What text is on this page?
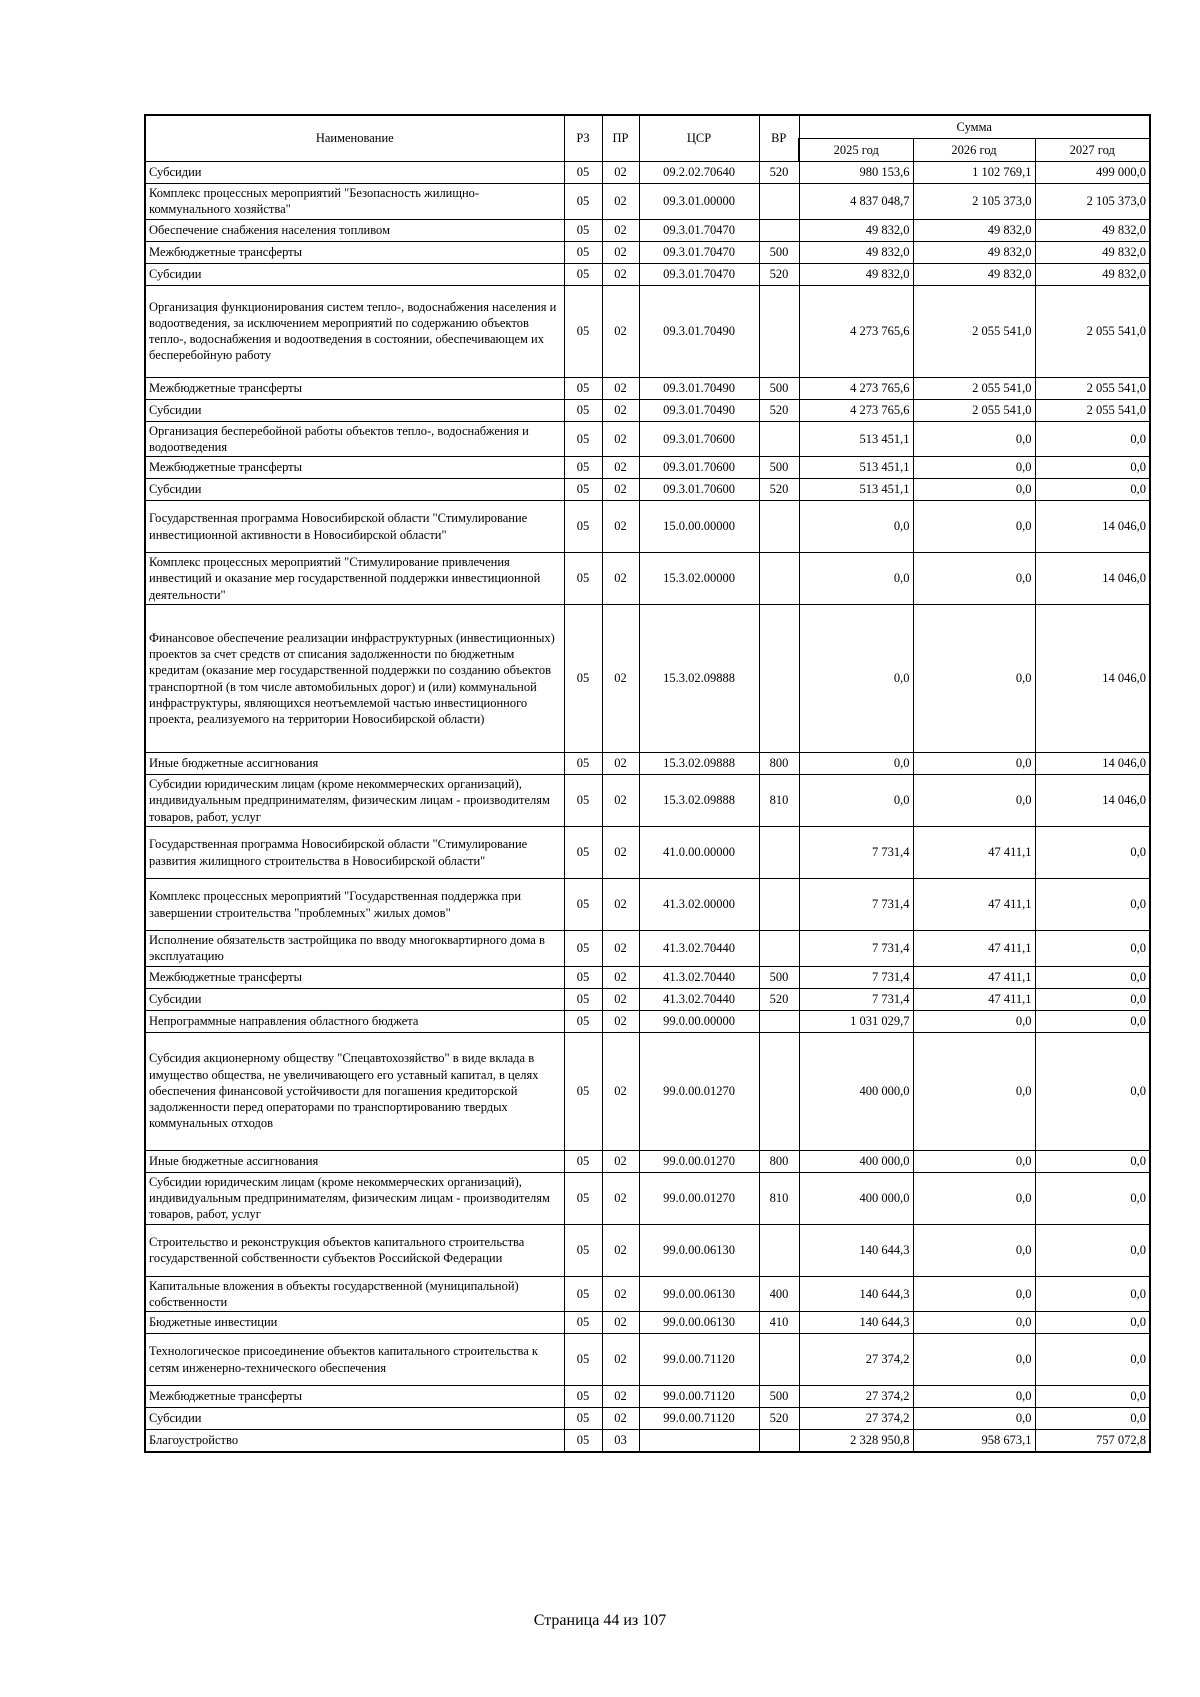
Наименование	РЗ	ПР	ЦСР	ВР	Сумма		
					2025 год	2026 год	2027 год
Субсидии	05	02	09.2.02.70640	520	980 153,6	1 102 769,1	499 000,0
Комплекс процессных мероприятий "Безопасность жилищно-коммунального хозяйства"	05	02	09.3.01.00000		4 837 048,7	2 105 373,0	2 105 373,0
Обеспечение снабжения населения топливом	05	02	09.3.01.70470		49 832,0	49 832,0	49 832,0
Межбюджетные трансферты	05	02	09.3.01.70470	500	49 832,0	49 832,0	49 832,0
Субсидии	05	02	09.3.01.70470	520	49 832,0	49 832,0	49 832,0
Организация функционирования систем тепло-, водоснабжения населения и водоотведения, за исключением мероприятий по содержанию объектов тепло-, водоснабжения и водоотведения в состоянии, обеспечивающем их бесперебойную работу	05	02	09.3.01.70490		4 273 765,6	2 055 541,0	2 055 541,0
Межбюджетные трансферты	05	02	09.3.01.70490	500	4 273 765,6	2 055 541,0	2 055 541,0
Субсидии	05	02	09.3.01.70490	520	4 273 765,6	2 055 541,0	2 055 541,0
Организация бесперебойной работы объектов тепло-, водоснабжения и водоотведения	05	02	09.3.01.70600		513 451,1	0,0	0,0
Межбюджетные трансферты	05	02	09.3.01.70600	500	513 451,1	0,0	0,0
Субсидии	05	02	09.3.01.70600	520	513 451,1	0,0	0,0
Государственная программа Новосибирской области "Стимулирование инвестиционной активности в Новосибирской области"	05	02	15.0.00.00000		0,0	0,0	14 046,0
Комплекс процессных мероприятий "Стимулирование привлечения инвестиций и оказание мер государственной поддержки инвестиционной деятельности"	05	02	15.3.02.00000		0,0	0,0	14 046,0
Финансовое обеспечение реализации инфраструктурных (инвестиционных) проектов за счет средств от списания задолженности по бюджетным кредитам (оказание мер государственной поддержки по созданию объектов транспортной (в том числе автомобильных дорог) и (или) коммунальной инфраструктуры, являющихся неотъемлемой частью инвестиционного проекта, реализуемого на территории Новосибирской области)	05	02	15.3.02.09888		0,0	0,0	14 046,0
Иные бюджетные ассигнования	05	02	15.3.02.09888	800	0,0	0,0	14 046,0
Субсидии юридическим лицам (кроме некоммерческих организаций), индивидуальным предпринимателям, физическим лицам - производителям товаров, работ, услуг	05	02	15.3.02.09888	810	0,0	0,0	14 046,0
Государственная программа Новосибирской области "Стимулирование развития жилищного строительства в Новосибирской области"	05	02	41.0.00.00000		7 731,4	47 411,1	0,0
Комплекс процессных мероприятий "Государственная поддержка при завершении строительства "проблемных" жилых домов"	05	02	41.3.02.00000		7 731,4	47 411,1	0,0
Исполнение обязательств застройщика по вводу многоквартирного дома в эксплуатацию	05	02	41.3.02.70440		7 731,4	47 411,1	0,0
Межбюджетные трансферты	05	02	41.3.02.70440	500	7 731,4	47 411,1	0,0
Субсидии	05	02	41.3.02.70440	520	7 731,4	47 411,1	0,0
Непрограммные направления областного бюджета	05	02	99.0.00.00000		1 031 029,7	0,0	0,0
Субсидия акционерному обществу "Спецавтохозяйство" в виде вклада в имущество общества, не увеличивающего его уставный капитал, в целях обеспечения финансовой устойчивости для погашения кредиторской задолженности перед операторами по транспортированию твердых коммунальных отходов	05	02	99.0.00.01270		400 000,0	0,0	0,0
Иные бюджетные ассигнования	05	02	99.0.00.01270	800	400 000,0	0,0	0,0
Субсидии юридическим лицам (кроме некоммерческих организаций), индивидуальным предпринимателям, физическим лицам - производителям товаров, работ, услуг	05	02	99.0.00.01270	810	400 000,0	0,0	0,0
Строительство и реконструкция объектов капитального строительства государственной собственности субъектов Российской Федерации	05	02	99.0.00.06130		140 644,3	0,0	0,0
Капитальные вложения в объекты государственной (муниципальной) собственности	05	02	99.0.00.06130	400	140 644,3	0,0	0,0
Бюджетные инвестиции	05	02	99.0.00.06130	410	140 644,3	0,0	0,0
Технологическое присоединение объектов капитального строительства к сетям инженерно-технического обеспечения	05	02	99.0.00.71120		27 374,2	0,0	0,0
Межбюджетные трансферты	05	02	99.0.00.71120	500	27 374,2	0,0	0,0
Субсидии	05	02	99.0.00.71120	520	27 374,2	0,0	0,0
Благоустройство	05	03			2 328 950,8	958 673,1	757 072,8
Страница 44 из 107
